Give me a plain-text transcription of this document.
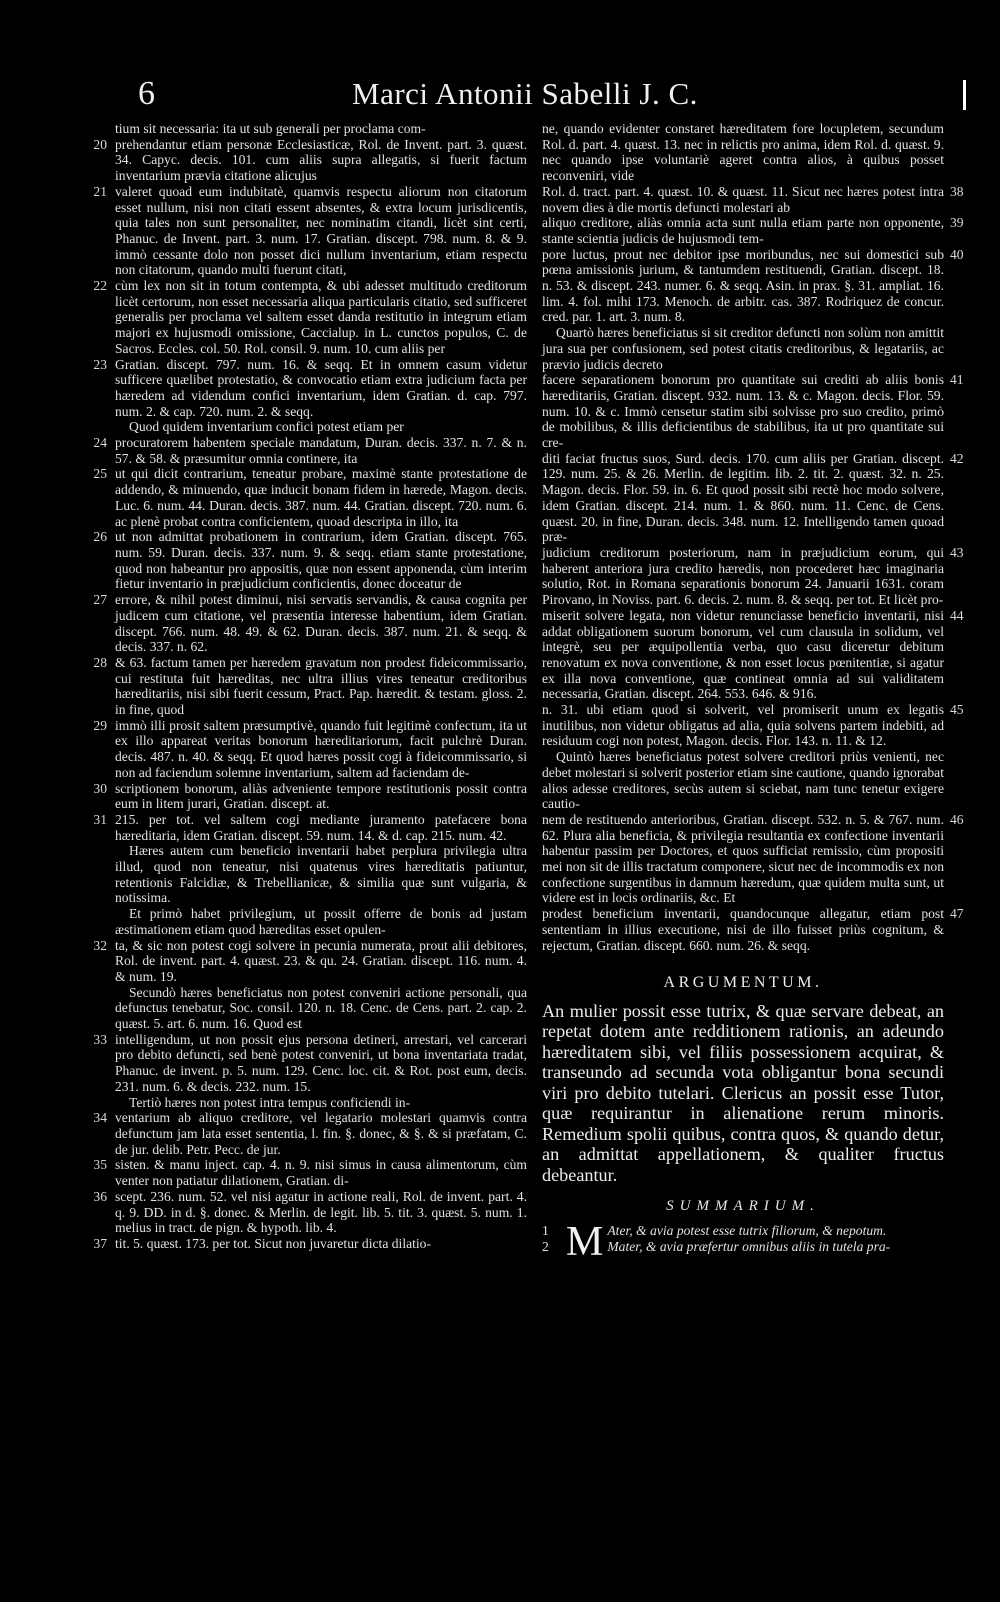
6	Marci Antonii Sabelli J. C.

tium sit necessaria: ita ut sub generali per proclama com-

20 prehendantur etiam personæ Ecclesiasticæ, Rol. de Invent. part. 3. quæst. 34. Capyc. decis. 101. cum aliis supra allegatis, si fuerit factum inventarium prævia citatione alicujus

21 valeret quoad eum indubitatè, quamvis respectu aliorum non citatorum esset nullum, nisi non citati essent absentes, & extra locum jurisdicentis, quia tales non sunt personaliter, nec nominatim citandi, licèt sint certi, Phanuc. de Invent. part. 3. num. 17. Gratian. discept. 798. num. 8. & 9. immò cessante dolo non posset dici nullum inventarium, etiam respectu non citatorum, quando multi fuerunt citati,

22 cùm lex non sit in totum contempta, & ubi adesset multitudo creditorum licèt certorum, non esset necessaria aliqua particularis citatio, sed sufficeret generalis per proclama vel saltem esset danda restitutio in integrum etiam majori ex hujusmodi omissione, Caccialup. in L. cunctos populos, C. de Sacros. Eccles. col. 50. Rol. consil. 9. num. 10. cum aliis per

23 Gratian. discept. 797. num. 16. & seqq. Et in omnem casum videtur sufficere quælibet protestatio, & convocatio etiam extra judicium facta per hæredem ad videndum confici inventarium, idem Gratian. d. cap. 797. num. 2. & cap. 720. num. 2. & seqq.

Quod quidem inventarium confici potest etiam per

24 procuratorem habentem speciale mandatum, Duran. decis. 337. n. 7. & n. 57. & 58. & præsumitur omnia continere, ita

25 ut qui dicit contrarium, teneatur probare, maximè stante protestatione de addendo, & minuendo, quæ inducit bonam fidem in hærede, Magon. decis. Luc. 6. num. 44. Duran. decis. 387. num. 44. Gratian. discept. 720. num. 6. ac plenè probat contra conficientem, quoad descripta in illo, ita

26 ut non admittat probationem in contrarium, idem Gratian. discept. 765. num. 59. Duran. decis. 337. num. 9. & seqq. etiam stante protestatione, quod non habeantur pro appositis, quæ non essent apponenda, cùm interim fietur inventario in præjudicium conficientis, donec doceatur de

27 errore, & nihil potest diminui, nisi servatis servandis, & causa cognita per judicem cum citatione, vel præsentia interesse habentium, idem Gratian. discept. 766. num. 48. 49. & 62. Duran. decis. 387. num. 21. & seqq. & decis. 337. n. 62.

28 & 63. factum tamen per hæredem gravatum non prodest fideicommissario, cui restituta fuit hæreditas, nec ultra illius vires teneatur creditoribus hæreditariis, nisi sibi fuerit cessum, Pract. Pap. hæredit. & testam. gloss. 2. in fine, quod

29 immò illi prosit saltem præsumptivè, quando fuit legitimè confectum, ita ut ex illo appareat veritas bonorum hæreditariorum, facit pulchrè Duran. decis. 487. n. 40. & seqq. Et quod hæres possit cogi à fideicommissario, si non ad faciendum solemne inventarium, saltem ad faciendam de-

30 scriptionem bonorum, aliàs adveniente tempore restitutionis possit contra eum in litem jurari, Gratian. discept. at.

31 215. per tot. vel saltem cogi mediante juramento patefacere bona hæreditaria, idem Gratian. discept. 59. num. 14. & d. cap. 215. num. 42.

Hæres autem cum beneficio inventarii habet perplura privilegia ultra illud, quod non teneatur, nisi quatenus vires hæreditatis patiuntur, retentionis Falcidiæ, & Trebellianicæ, & similia quæ sunt vulgaria, & notissima.

Et primò habet privilegium, ut possit offerre de bonis ad justam æstimationem etiam quod hæreditas esset opulen-

32 ta, & sic non potest cogi solvere in pecunia numerata, prout alii debitores, Rol. de invent. part. 4. quæst. 23. & qu. 24. Gratian. discept. 116. num. 4. & num. 19.

Secundò hæres beneficiatus non potest conveniri actione personali, qua defunctus tenebatur, Soc. consil. 120. n. 18. Cenc. de Cens. part. 2. cap. 2. quæst. 5. art. 6. num. 16. Quod est

33 intelligendum, ut non possit ejus persona detineri, arrestari, vel carcerari pro debito defuncti, sed benè potest conveniri, ut bona inventariata tradat, Phanuc. de invent. p. 5. num. 129. Cenc. loc. cit. & Rot. post eum, decis. 231. num. 6. & decis. 232. num. 15.

Tertiò hæres non potest intra tempus conficiendi in-

34 ventarium ab aliquo creditore, vel legatario molestari quamvis contra defunctum jam lata esset sententia, l. fin. §. donec, & §. & si præfatam, C. de jur. delib. Petr. Pecc. de jur.

35 sisten. & manu inject. cap. 4. n. 9. nisi simus in causa alimentorum, cùm venter non patiatur dilationem, Gratian. di-

36 scept. 236. num. 52. vel nisi agatur in actione reali, Rol. de invent. part. 4. q. 9. DD. in d. §. donec. & Merlin. de legit. lib. 5. tit. 3. quæst. 5. num. 1. melius in tract. de pign. & hypoth. lib. 4.

37 tit. 5. quæst. 173. per tot. Sicut non juvaretur dicta dilatio-

ne, quando evidenter constaret hæreditatem fore locupletem, secundum Rol. d. part. 4. quæst. 13. nec in relictis pro anima, idem Rol. d. quæst. 9. nec quando ipse voluntariè ageret contra alios, à quibus posset reconveniri, vide

38
Rol. d. tract. part. 4. quæst. 10. & quæst. 11. Sicut nec hæres potest intra novem dies à die mortis defuncti molestari ab

39
aliquo creditore, aliàs omnia acta sunt nulla etiam parte non opponente, stante scientia judicis de hujusmodi tem-

40
pore luctus, prout nec debitor ipse moribundus, nec sui domestici sub pœna amissionis jurium, & tantumdem restituendi, Gratian. discept. 18. n. 53. & discept. 243. numer. 6. & seqq. Asin. in prax. §. 31. ampliat. 16. lim. 4. fol. mihi 173. Menoch. de arbitr. cas. 387. Rodriquez de concur. cred. par. 1. art. 3. num. 8.

Quartò hæres beneficiatus si sit creditor defuncti non solùm non amittit jura sua per confusionem, sed potest citatis creditoribus, & legatariis, ac prævio judicis decreto

41
facere separationem bonorum pro quantitate sui crediti ab aliis bonis hæreditariis, Gratian. discept. 932. num. 13. & c. Magon. decis. Flor. 59. num. 10. & c. Immò censetur statim sibi solvisse pro suo credito, primò de mobilibus, & illis deficientibus de stabilibus, ita ut pro quantitate sui cre-

42
diti faciat fructus suos, Surd. decis. 170. cum aliis per Gratian. discept. 129. num. 25. & 26. Merlin. de legitim. lib. 2. tit. 2. quæst. 32. n. 25. Magon. decis. Flor. 59. in. 6. Et quod possit sibi rectè hoc modo solvere, idem Gratian. discept. 214. num. 1. & 860. num. 11. Cenc. de Cens. quæst. 20. in fine, Duran. decis. 348. num. 12. Intelligendo tamen quoad præ-

43
judicium creditorum posteriorum, nam in præjudicium eorum, qui haberent anteriora jura credito hæredis, non procederet hæc imaginaria solutio, Rot. in Romana separationis bonorum 24. Januarii 1631. coram Pirovano, in Noviss. part. 6. decis. 2. num. 8. & seqq. per tot. Et licèt pro-

44
miserit solvere legata, non videtur renunciasse beneficio inventarii, nisi addat obligationem suorum bonorum, vel cum clausula in solidum, vel integrè, seu per æquipollentia verba, quo casu diceretur debitum renovatum ex nova conventione, & non esset locus pœnitentiæ, si agatur ex illa nova conventione, quæ contineat omnia ad sui validitatem necessaria, Gratian. discept. 264. 553. 646. & 916.

45
n. 31. ubi etiam quod si solverit, vel promiserit unum ex legatis inutilibus, non videtur obligatus ad alia, quia solvens partem indebiti, ad residuum cogi non potest, Magon. decis. Flor. 143. n. 11. & 12.

Quintò hæres beneficiatus potest solvere creditori priùs venienti, nec debet molestari si solverit posterior etiam sine cautione, quando ignorabat alios adesse creditores, secùs autem si sciebat, nam tunc tenetur exigere cautio-

46
nem de restituendo anterioribus, Gratian. discept. 532. n. 5. & 767. num. 62. Plura alia beneficia, & privilegia resultantia ex confectione inventarii habentur passim per Doctores, et quos sufficiat remissio, cùm propositi mei non sit de illis tractatum componere, sicut nec de incommodis ex non confectione surgentibus in damnum hæredum, quæ quidem multa sunt, ut videre est in locis ordinariis, &c. Et

47
prodest beneficium inventarii, quandocunque allegatur, etiam post sententiam in illius executione, nisi de illo fuisset priùs cognitum, & rejectum, Gratian. discept. 660. num. 26. & seqq.

ARGUMENTUM.

An mulier possit esse tutrix, & quæ servare debeat, an repetat dotem ante redditionem rationis, an adeundo hæreditatem sibi, vel filiis possessionem acquirat, & transeundo ad secunda vota obligantur bona secundi viri pro debito tutelari. Clericus an possit esse Tutor, quæ requirantur in alienatione rerum minoris. Remedium spolii quibus, contra quos, & quando detur, an admittat appellationem, & qualiter fructus debeantur.

SUMMARIUM.

1 M Ater, & avia potest esse tutrix filiorum, & nepotum.

2	Mater, & avia præfertur omnibus aliis in tutela pra-
